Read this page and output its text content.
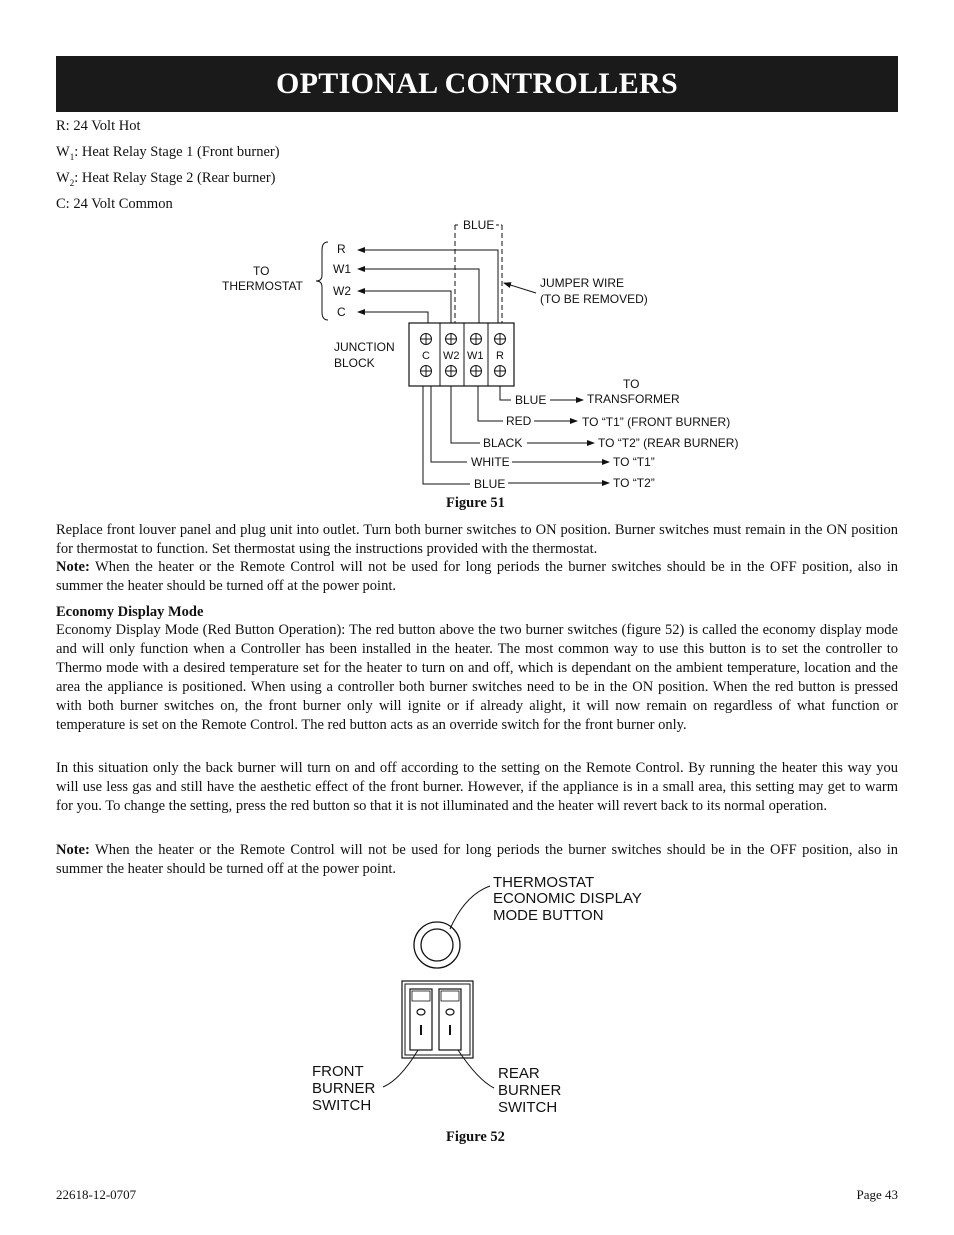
OPTIONAL CONTROLLERS
R: 24 Volt Hot
$W_1$: Heat Relay Stage 1 (Front burner)
$W_2$: Heat Relay Stage 2 (Rear burner)
C: 24 Volt Common
BLUE
TO
THERMOSTAT
R
W1
W2
C
JUMPER WIRE
(TO BE REMOVED)
JUNCTION
BLOCK	C W2 W1 R
BLUE
TO
TRANSFORMER
RED	TO “T1” (FRONT BURNER)
BLACK	TO “T2” (REAR BURNER)
WHITE	TO “T1”
BLUE	TO “T2”
Figure 51
Replace front louver panel and plug unit into outlet. Turn both burner switches to ON position. Burner switches must remain in the ON position for thermostat to function. Set thermostat using the instructions provided with the thermostat.
Note: When the heater or the Remote Control will not be used for long periods the burner switches should be in the OFF position, also in summer the heater should be turned off at the power point.
Economy Display Mode
Economy Display Mode (Red Button Operation): The red button above the two burner switches (figure 52) is called the economy display mode and will only function when a Controller has been installed in the heater. The most common way to use this button is to set the controller to Thermo mode with a desired temperature set for the heater to turn on and off, which is dependant on the ambient temperature, location and the area the appliance is positioned. When using a controller both burner switches need to be in the ON position. When the red button is pressed with both burner switches on, the front burner only will ignite or if already alight, it will now remain on regardless of what function or temperature is set on the Remote Control. The red button acts as an override switch for the front burner only.
In this situation only the back burner will turn on and off according to the setting on the Remote Control. By running the heater this way you will use less gas and still have the aesthetic effect of the front burner. However, if the appliance is in a small area, this setting may get to warm for you. To change the setting, press the red button so that it is not illuminated and the heater will revert back to its normal operation.
Note: When the heater or the Remote Control will not be used for long periods the burner switches should be in the OFF position, also in summer the heater should be turned off at the power point.
THERMOSTAT
ECONOMIC DISPLAY
MODE BUTTON
FRONT
BURNER
SWITCH
REAR
BURNER
SWITCH
Figure 52
22618-12-0707	Page 43
